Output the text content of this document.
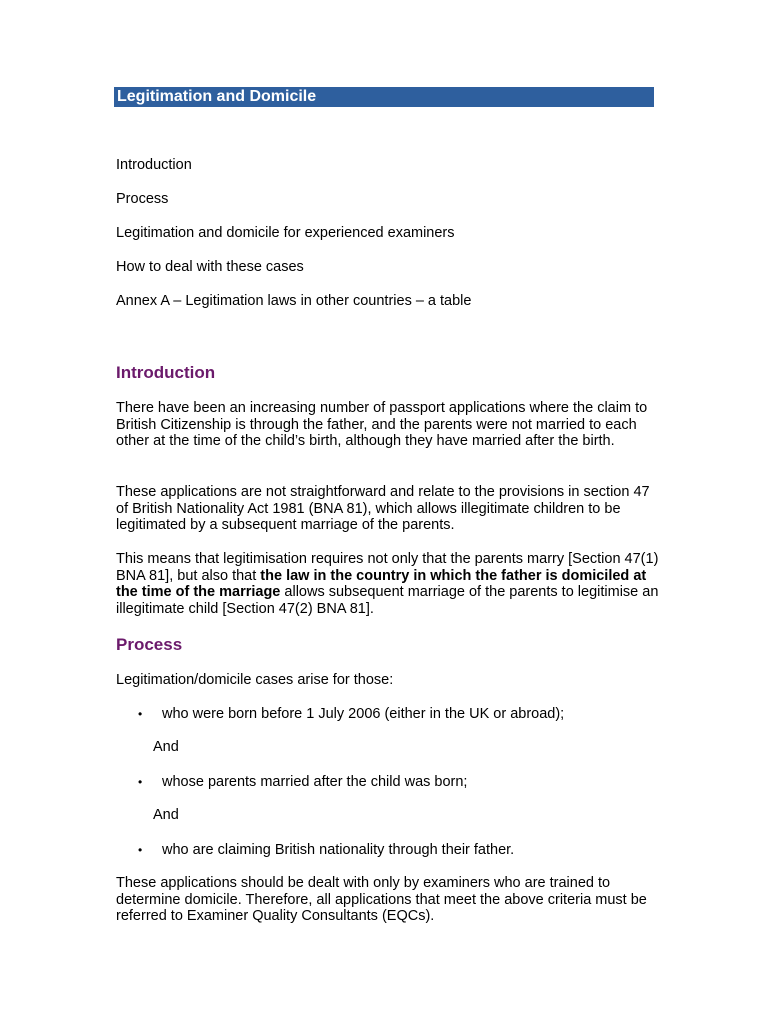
Legitimation and Domicile
Introduction
Process
Legitimation and domicile for experienced examiners
How to deal with these cases
Annex A – Legitimation laws in other countries – a table
Introduction

There have been an increasing number of passport applications where the claim to British Citizenship is through the father, and the parents were not married to each other at the time of the child’s birth, although they have married after the birth.

These applications are not straightforward and relate to the provisions in section 47 of British Nationality Act 1981 (BNA 81), which allows illegitimate children to be legitimated by a subsequent marriage of the parents.

This means that legitimisation requires not only that the parents marry [Section 47(1) BNA 81], but also that the law in the country in which the father is domiciled at the time of the marriage allows subsequent marriage of the parents to legitimise an illegitimate child [Section 47(2) BNA 81].

Process

Legitimation/domicile cases arise for those:

• who were born before 1 July 2006 (either in the UK or abroad);
And
• whose parents married after the child was born;
And
• who are claiming British nationality through their father.

These applications should be dealt with only by examiners who are trained to determine domicile. Therefore, all applications that meet the above criteria must be referred to Examiner Quality Consultants (EQCs).
